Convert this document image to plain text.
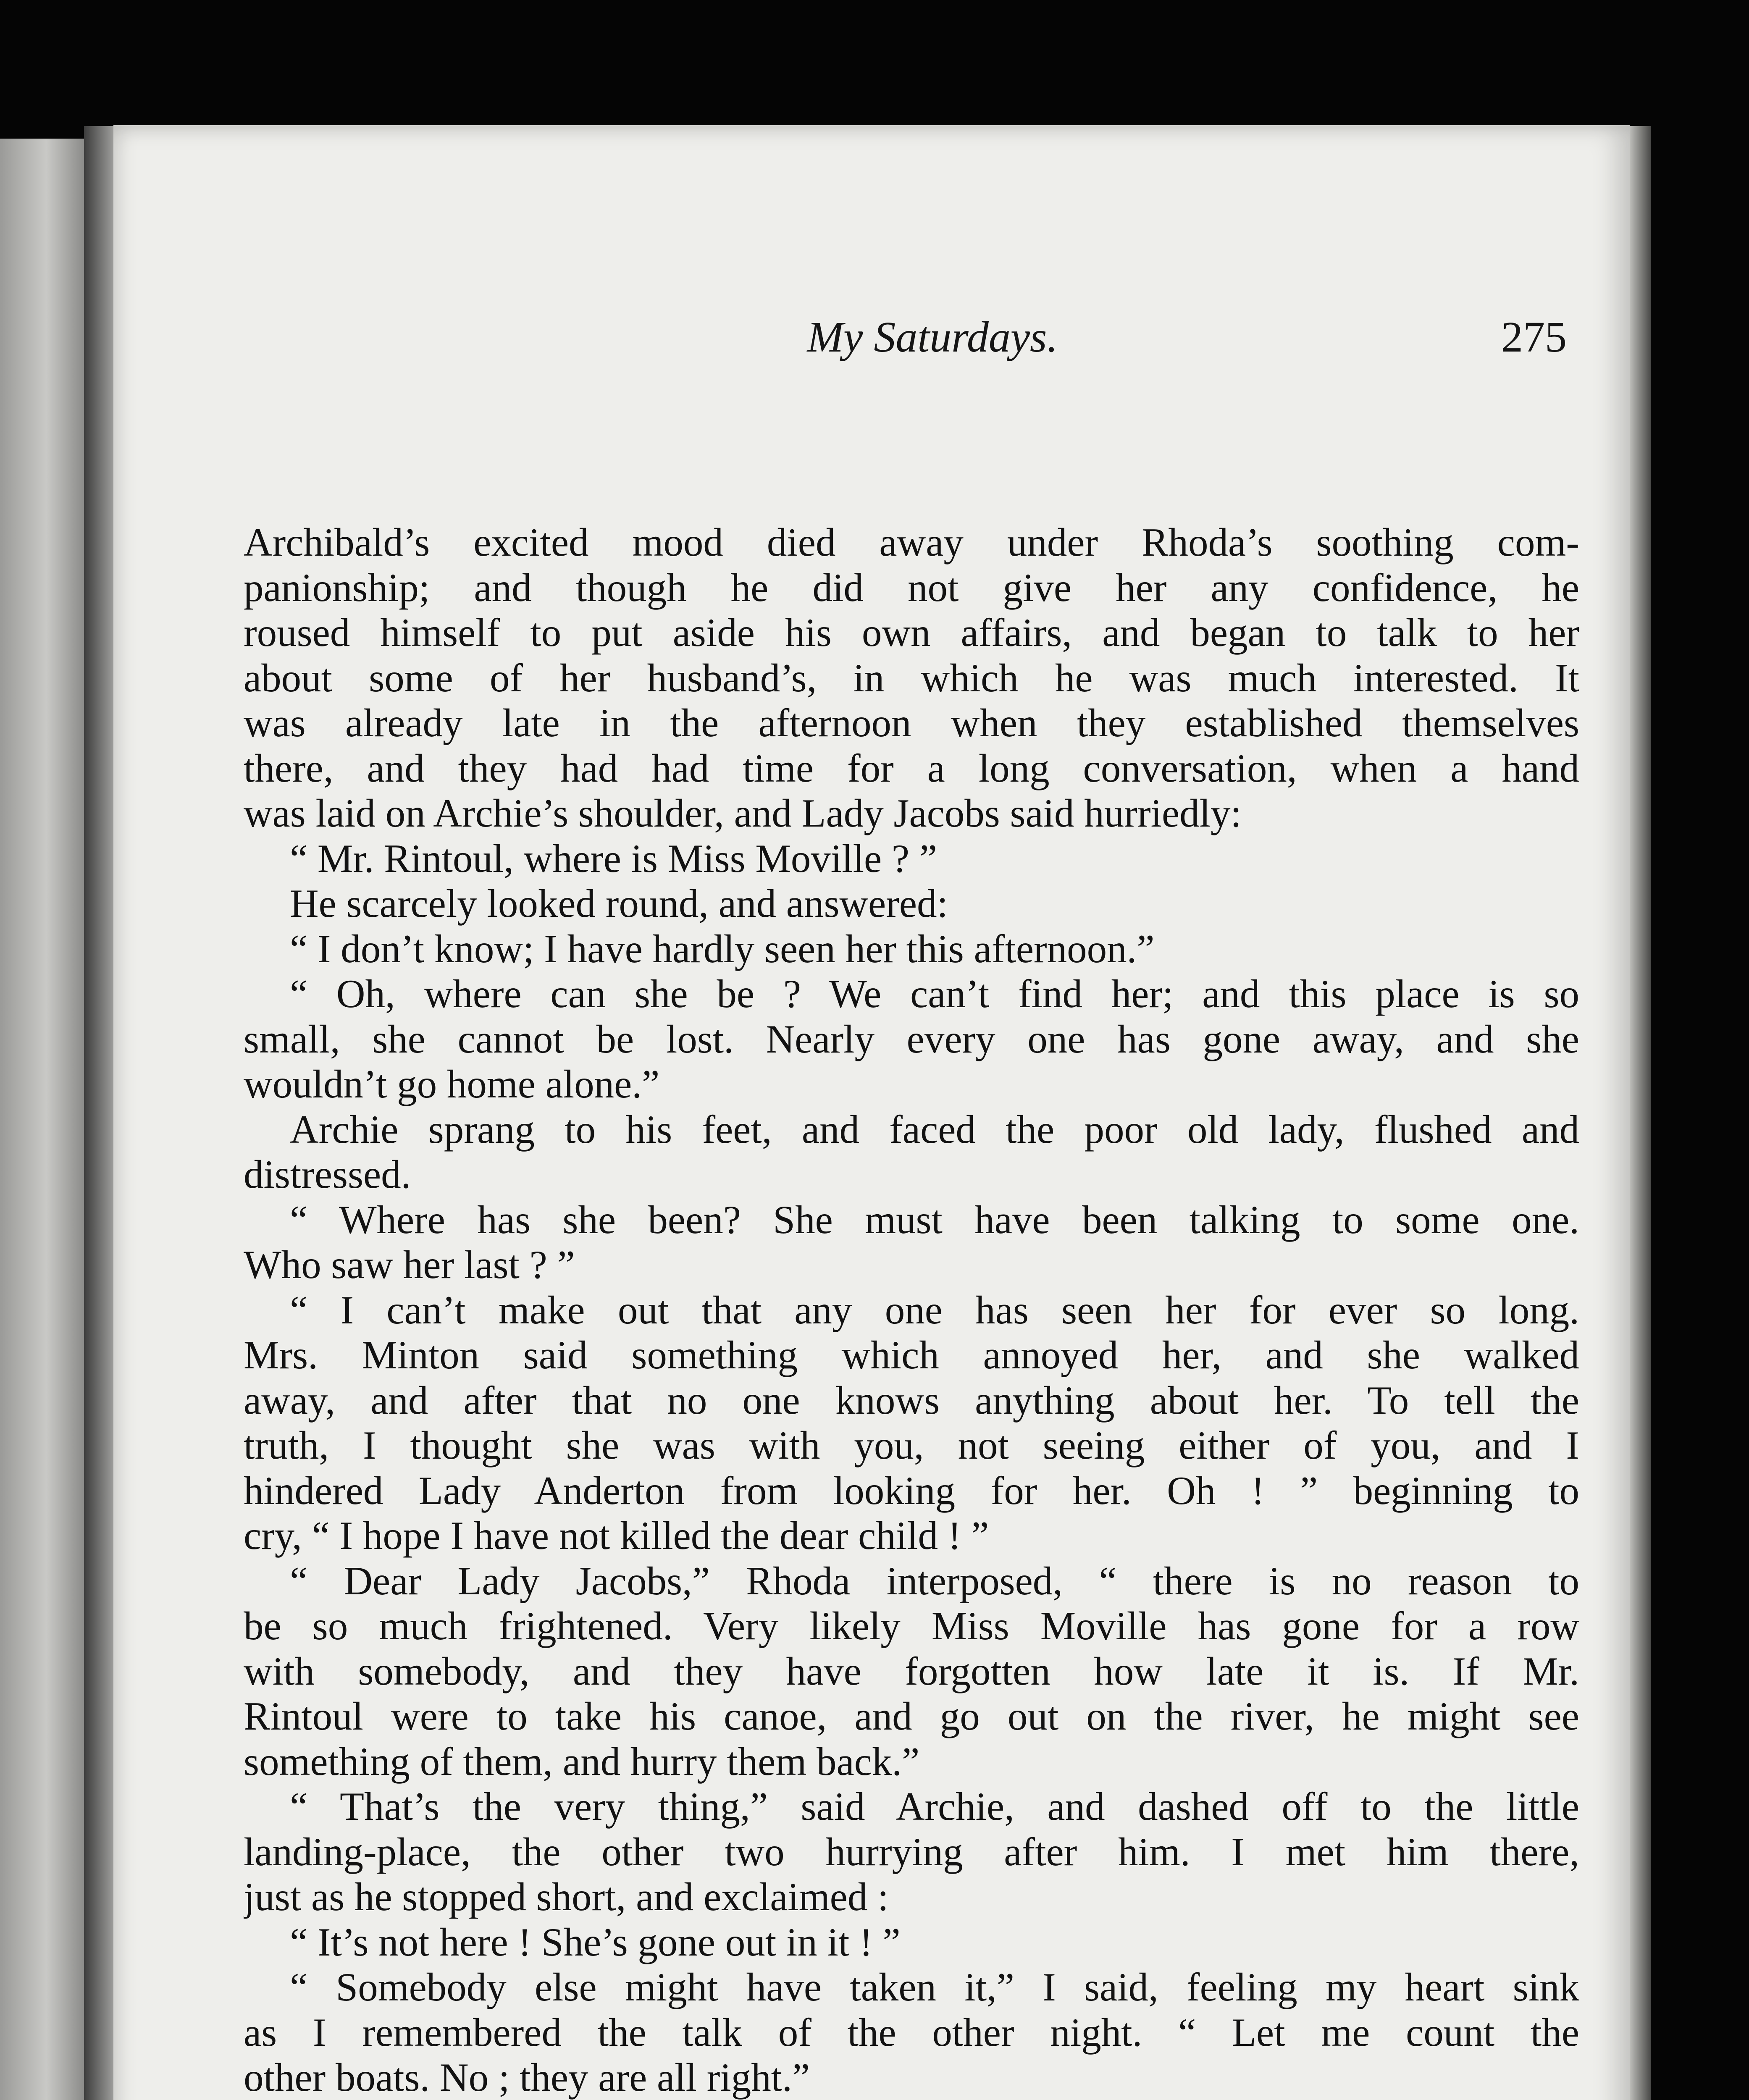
My Saturdays.	275
Archibald’s excited mood died away under Rhoda’s soothing com-
panionship; and though he did not give her any confidence, he
roused himself to put aside his own affairs, and began to talk to her
about some of her husband’s, in which he was much interested. It
was already late in the afternoon when they established themselves
there, and they had had time for a long conversation, when a hand
was laid on Archie’s shoulder, and Lady Jacobs said hurriedly:
“ Mr. Rintoul, where is Miss Moville ? ”
He scarcely looked round, and answered:
“ I don’t know; I have hardly seen her this afternoon.”
“ Oh, where can she be ? We can’t find her; and this place is so
small, she cannot be lost. Nearly every one has gone away, and she
wouldn’t go home alone.”
Archie sprang to his feet, and faced the poor old lady, flushed and
distressed.
“ Where has she been? She must have been talking to some one.
Who saw her last ? ”
“ I can’t make out that any one has seen her for ever so long.
Mrs. Minton said something which annoyed her, and she walked
away, and after that no one knows anything about her. To tell the
truth, I thought she was with you, not seeing either of you, and I
hindered Lady Anderton from looking for her. Oh ! ” beginning to
cry, “ I hope I have not killed the dear child ! ”
“ Dear Lady Jacobs,” Rhoda interposed, “ there is no reason to
be so much frightened. Very likely Miss Moville has gone for a row
with somebody, and they have forgotten how late it is. If Mr.
Rintoul were to take his canoe, and go out on the river, he might see
something of them, and hurry them back.”
“ That’s the very thing,” said Archie, and dashed off to the little
landing-place, the other two hurrying after him. I met him there,
just as he stopped short, and exclaimed :
“ It’s not here ! She’s gone out in it ! ”
“ Somebody else might have taken it,” I said, feeling my heart sink
as I remembered the talk of the other night. “ Let me count the
other boats. No ; they are all right.”
